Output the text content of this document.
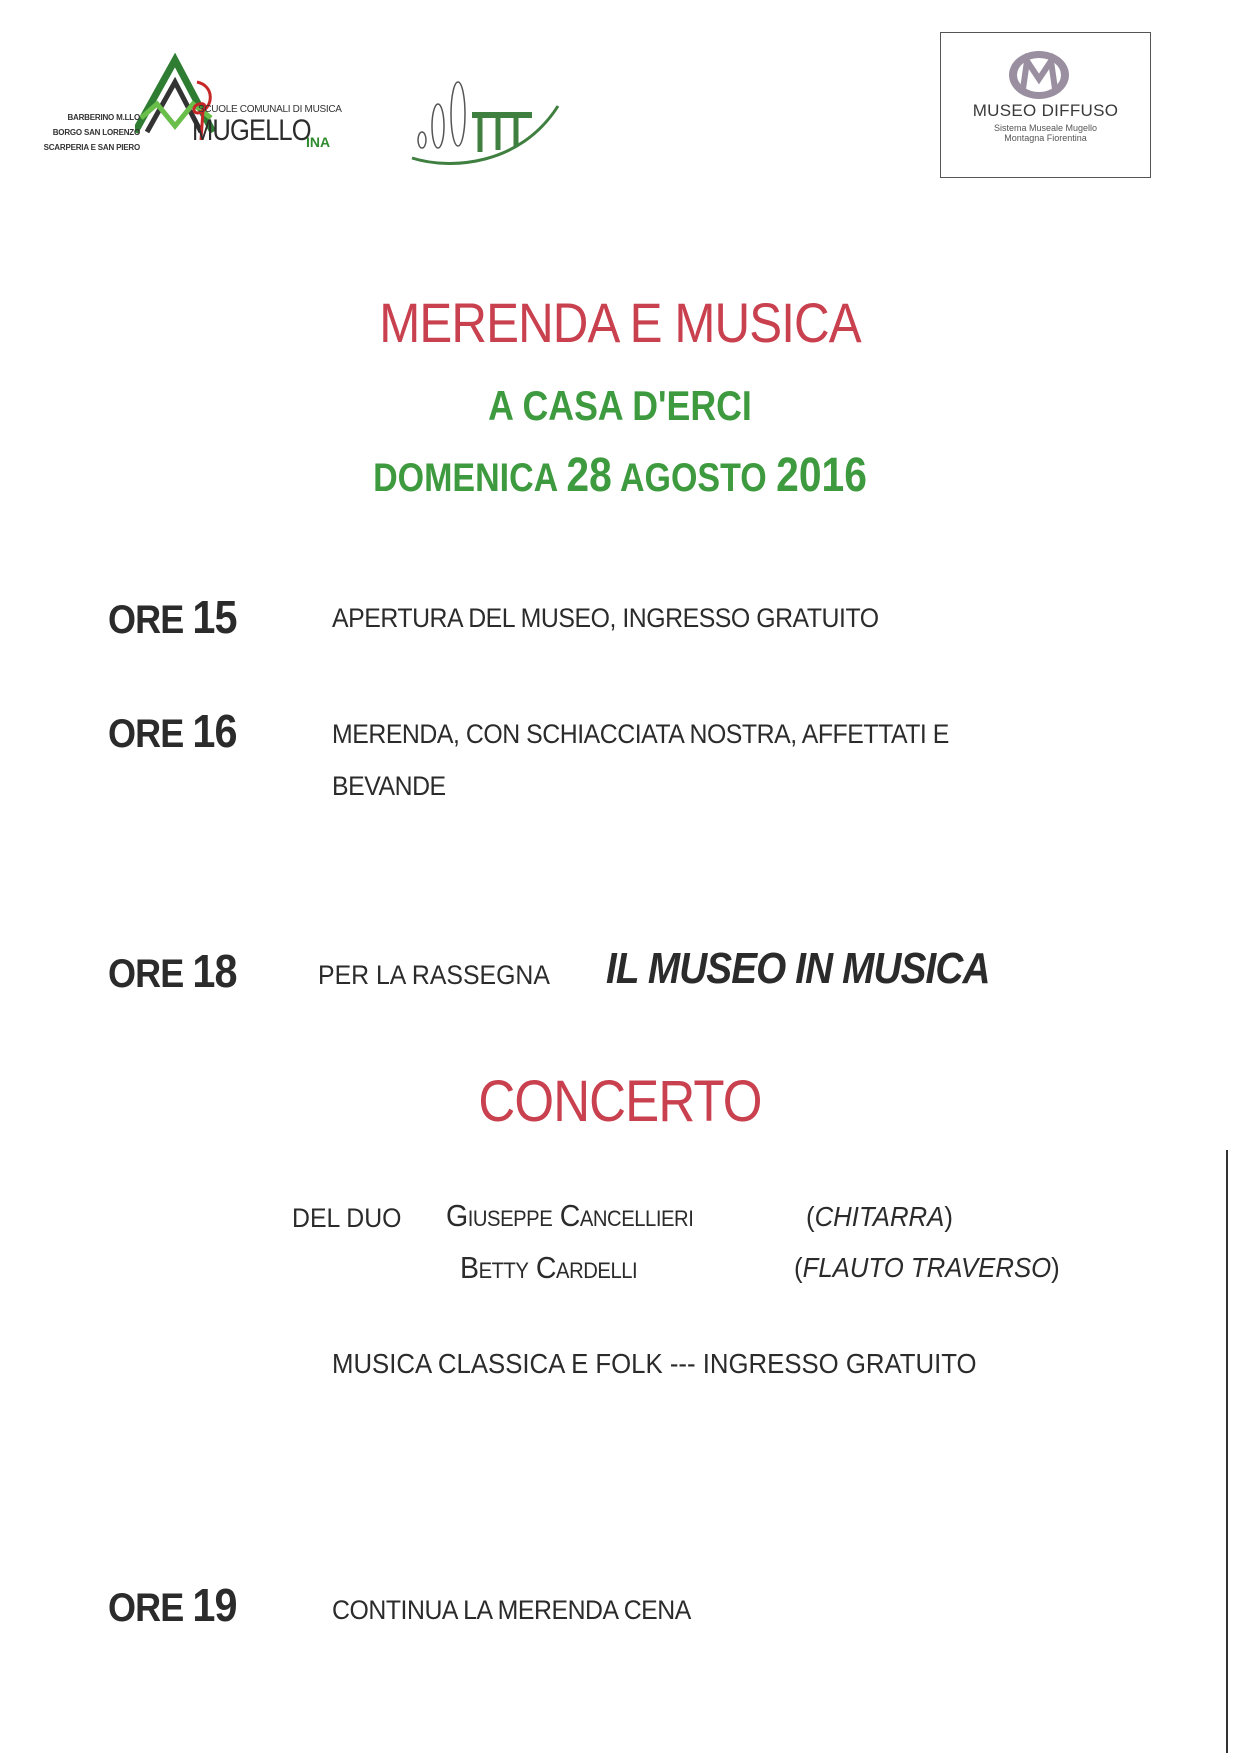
BARBERINO M.LLO
BORGO SAN LORENZO
SCARPERIA E SAN PIERO
SCUOLE COMUNALI DI MUSICA
MUGELLO
INA
MUSEO DIFFUSO
Sistema Museale Mugello
Montagna Fiorentina
MERENDA E MUSICA
A CASA D'ERCI
DOMENICA 28 AGOSTO 2016
ORE 15	APERTURA DEL MUSEO, INGRESSO GRATUITO
ORE 16	MERENDA, CON SCHIACCIATA NOSTRA, AFFETTATI E
BEVANDE
ORE 18	PER LA RASSEGNA IL MUSEO IN MUSICA
CONCERTO
DEL DUO Giuseppe Cancellieri	(CHITARRA)
Betty Cardelli	(FLAUTO TRAVERSO)
MUSICA CLASSICA E FOLK --- INGRESSO GRATUITO
ORE 19	CONTINUA LA MERENDA CENA
